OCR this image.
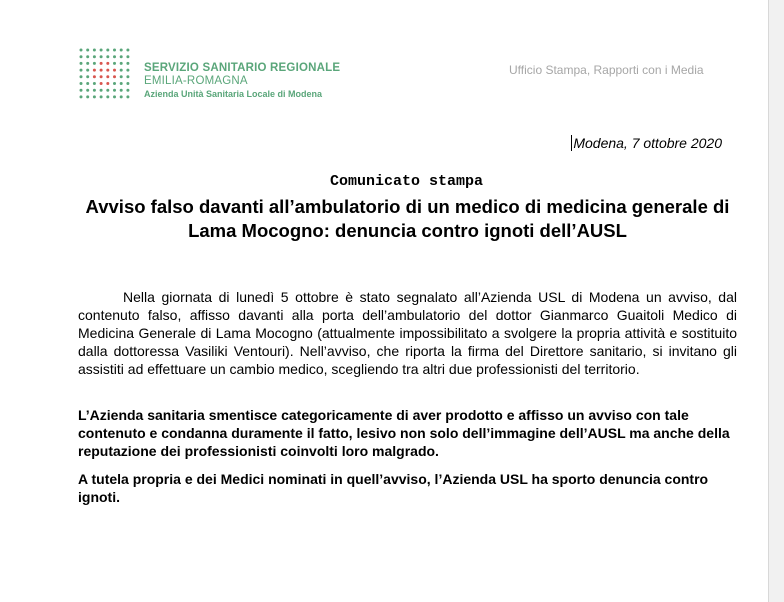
SERVIZIO SANITARIO REGIONALE
EMILIA-ROMAGNA
Azienda Unità Sanitaria Locale di Modena
Ufficio Stampa, Rapporti con i Media
Modena, 7 ottobre 2020
Comunicato stampa
Avviso falso davanti all’ambulatorio di un medico di medicina generale di Lama Mocogno: denuncia contro ignoti dell’AUSL

Nella giornata di lunedì 5 ottobre è stato segnalato all’Azienda USL di Modena un avviso, dal contenuto falso, affisso davanti alla porta dell’ambulatorio del dottor Gianmarco Guaitoli Medico di Medicina Generale di Lama Mocogno (attualmente impossibilitato a svolgere la propria attività e sostituito dalla dottoressa Vasiliki Ventouri). Nell’avviso, che riporta la firma del Direttore sanitario, si invitano gli assistiti ad effettuare un cambio medico, scegliendo tra altri due professionisti del territorio.

L’Azienda sanitaria smentisce categoricamente di aver prodotto e affisso un avviso con tale contenuto e condanna duramente il fatto, lesivo non solo dell’immagine dell’AUSL ma anche della reputazione dei professionisti coinvolti loro malgrado.

A tutela propria e dei Medici nominati in quell’avviso, l’Azienda USL ha sporto denuncia contro ignoti.
